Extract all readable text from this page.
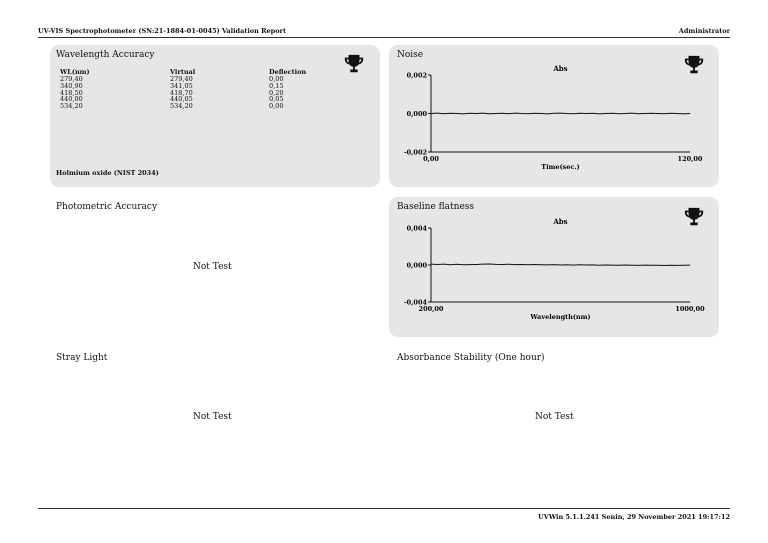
UV-VIS Spectrophotometer (SN:21-1884-01-0045) Validation Report	Administrator
Wavelength Accuracy
WL(nm)	Virtual	Deflection
279,40	279,40	0,00
340,90	341,05	0,15
418,50	418,70	0,20
440,00	440,05	0,05
534,20	534,20	0,00
Holmium oxide (NIST 2034)
Noise
Abs
0,002
0,000
-0,002
0,00	120,00
Time(sec.)
Photometric Accuracy
Not Test
Baseline flatness
Abs
0,004
0,000
-0,004
200,00	1000,00
Wavelength(nm)
Stray Light
Not Test
Absorbance Stability (One hour)
Not Test
UVWin 5.1.1.241 Senin, 29 November 2021 19:17:12
